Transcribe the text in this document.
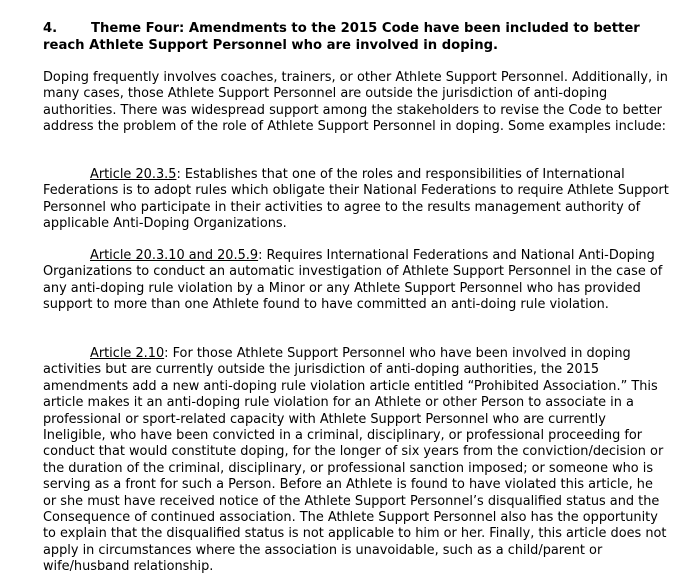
4.	Theme Four: Amendments to the 2015 Code have been included to better reach Athlete Support Personnel who are involved in doping.

Doping frequently involves coaches, trainers, or other Athlete Support Personnel. Additionally, in many cases, those Athlete Support Personnel are outside the jurisdiction of anti-doping authorities. There was widespread support among the stakeholders to revise the Code to better address the problem of the role of Athlete Support Personnel in doping. Some examples include:

Article 20.3.5: Establishes that one of the roles and responsibilities of International Federations is to adopt rules which obligate their National Federations to require Athlete Support Personnel who participate in their activities to agree to the results management authority of applicable Anti-Doping Organizations.

Article 20.3.10 and 20.5.9: Requires International Federations and National Anti-Doping Organizations to conduct an automatic investigation of Athlete Support Personnel in the case of any anti-doping rule violation by a Minor or any Athlete Support Personnel who has provided support to more than one Athlete found to have committed an anti-doing rule violation.

Article 2.10: For those Athlete Support Personnel who have been involved in doping activities but are currently outside the jurisdiction of anti-doping authorities, the 2015 amendments add a new anti-doping rule violation article entitled “Prohibited Association.” This article makes it an anti-doping rule violation for an Athlete or other Person to associate in a professional or sport-related capacity with Athlete Support Personnel who are currently Ineligible, who have been convicted in a criminal, disciplinary, or professional proceeding for conduct that would constitute doping, for the longer of six years from the conviction/decision or the duration of the criminal, disciplinary, or professional sanction imposed; or someone who is serving as a front for such a Person. Before an Athlete is found to have violated this article, he or she must have received notice of the Athlete Support Personnel’s disqualified status and the Consequence of continued association. The Athlete Support Personnel also has the opportunity to explain that the disqualified status is not applicable to him or her. Finally, this article does not apply in circumstances where the association is unavoidable, such as a child/parent or wife/husband relationship.
